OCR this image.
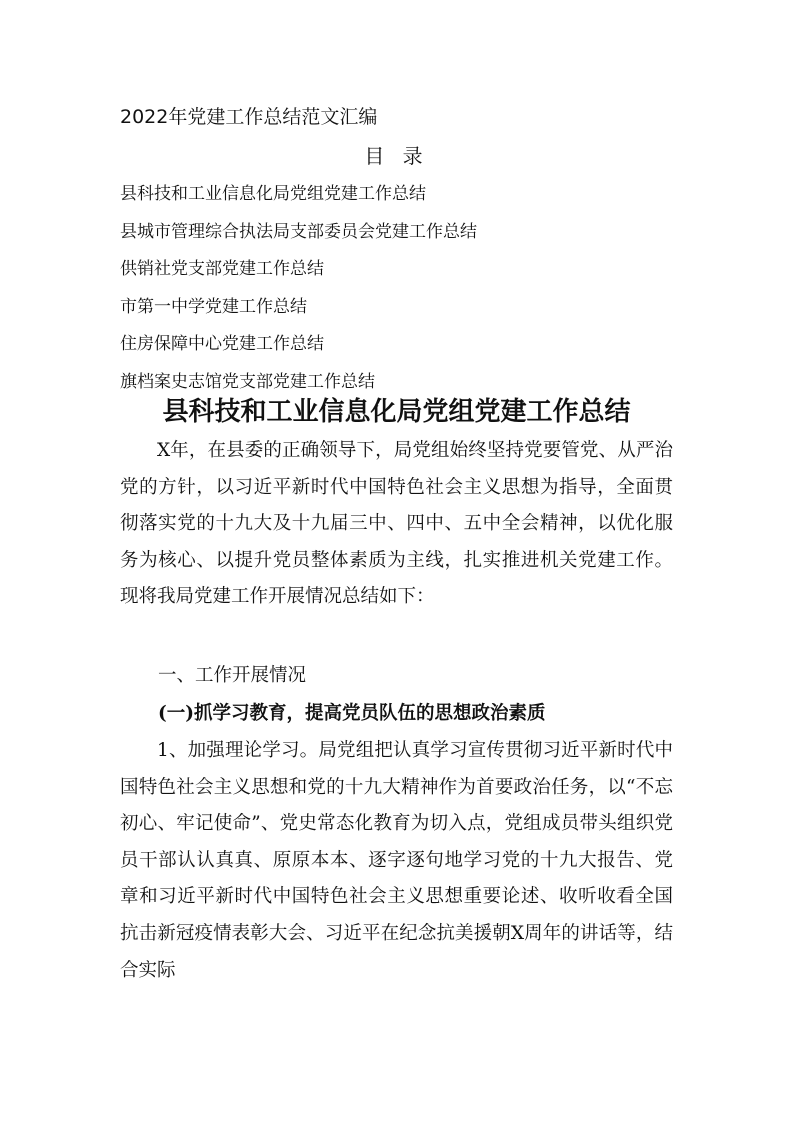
2022年党建工作总结范文汇编
目 录
县科技和工业信息化局党组党建工作总结
县城市管理综合执法局支部委员会党建工作总结
供销社党支部党建工作总结
市第一中学党建工作总结
住房保障中心党建工作总结
旗档案史志馆党支部党建工作总结
县科技和工业信息化局党组党建工作总结

X年，在县委的正确领导下，局党组始终坚持党要管党、从严治党的方针，以习近平新时代中国特色社会主义思想为指导，全面贯彻落实党的十九大及十九届三中、四中、五中全会精神，以优化服务为核心、以提升党员整体素质为主线，扎实推进机关党建工作。现将我局党建工作开展情况总结如下：

一、工作开展情况
(一)抓学习教育，提高党员队伍的思想政治素质

1、加强理论学习。局党组把认真学习宣传贯彻习近平新时代中国特色社会主义思想和党的十九大精神作为首要政治任务，以“不忘初心、牢记使命”、党史常态化教育为切入点，党组成员带头组织党员干部认认真真、原原本本、逐字逐句地学习党的十九大报告、党章和习近平新时代中国特色社会主义思想重要论述、收听收看全国抗击新冠疫情表彰大会、习近平在纪念抗美援朝X周年的讲话等，结合实际
